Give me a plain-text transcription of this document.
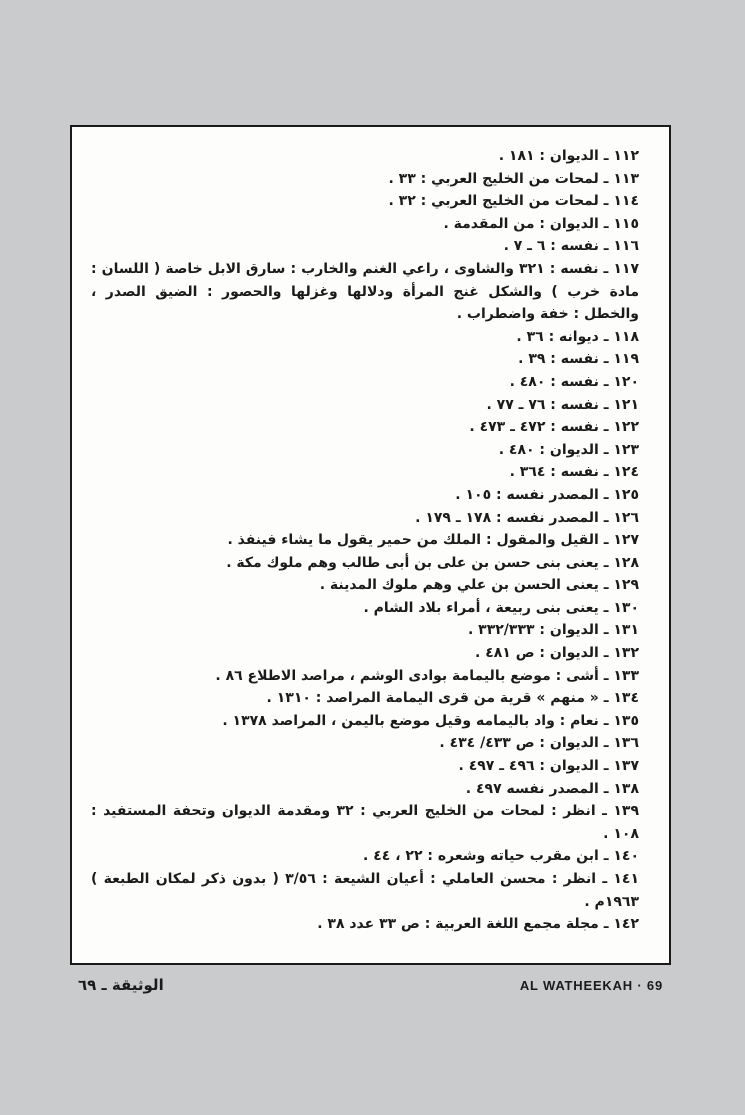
١١٢ ـ الديوان : ١٨١ .
١١٣ ـ لمحات من الخليج العربي : ٣٣ .
١١٤ ـ لمحات من الخليج العربي : ٣٢ .
١١٥ ـ الديوان : من المقدمة .
١١٦ ـ نفسه : ٦ ـ ٧ .
١١٧ ـ نفسه : ٣٢١ والشاوى ، راعي الغنم والخارب : سارق الابل خاصة ( اللسان : مادة خرب ) والشكل غنج المرأة ودلالها وغزلها والحصور : الضيق الصدر ، والخطل : خفة واضطراب .
١١٨ ـ ديوانه : ٣٦ .
١١٩ ـ نفسه : ٣٩ .
١٢٠ ـ نفسه : ٤٨٠ .
١٢١ ـ نفسه : ٧٦ ـ ٧٧ .
١٢٢ ـ نفسه : ٤٧٢ ـ ٤٧٣ .
١٢٣ ـ الديوان : ٤٨٠ .
١٢٤ ـ نفسه : ٣٦٤ .
١٢٥ ـ المصدر نفسه : ١٠٥ .
١٢٦ ـ المصدر نفسه : ١٧٨ ـ ١٧٩ .
١٢٧ ـ القيل والمقول : الملك من حمير يقول ما يشاء فينفذ .
١٢٨ ـ يعنى بنى حسن بن على بن أبى طالب وهم ملوك مكة .
١٢٩ ـ يعنى الحسن بن علي وهم ملوك المدينة .
١٣٠ ـ يعنى بنى ربيعة ، أمراء بلاد الشام .
١٣١ ـ الديوان : ٣٣٢/٣٣٣ .
١٣٢ ـ الديوان : ص ٤٨١ .
١٣٣ ـ أشى : موضع باليمامة بوادى الوشم ، مراصد الاطلاع ٨٦ .
١٣٤ ـ « منهم » قرية من قرى اليمامة المراصد : ١٣١٠ .
١٣٥ ـ نعام : واد باليمامه وقيل موضع باليمن ، المراصد ١٣٧٨ .
١٣٦ ـ الديوان : ص ٤٣٣/ ٤٣٤ .
١٣٧ ـ الديوان : ٤٩٦ ـ ٤٩٧ .
١٣٨ ـ المصدر نفسه ٤٩٧ .
١٣٩ ـ انظر : لمحات من الخليج العربي : ٣٢ ومقدمة الديوان وتحفة المستفيد : ١٠٨ .
١٤٠ ـ ابن مقرب حياته وشعره : ٢٢ ، ٤٤ .
١٤١ ـ انظر : محسن العاملي : أعيان الشيعة : ٣/٥٦ ( بدون ذكر لمكان الطبعة ) ١٩٦٣م .
١٤٢ ـ مجلة مجمع اللغة العربية : ص ٣٣ عدد ٣٨ .
الوثيقة ـ ٦٩	AL WATHEEKAH · 69
